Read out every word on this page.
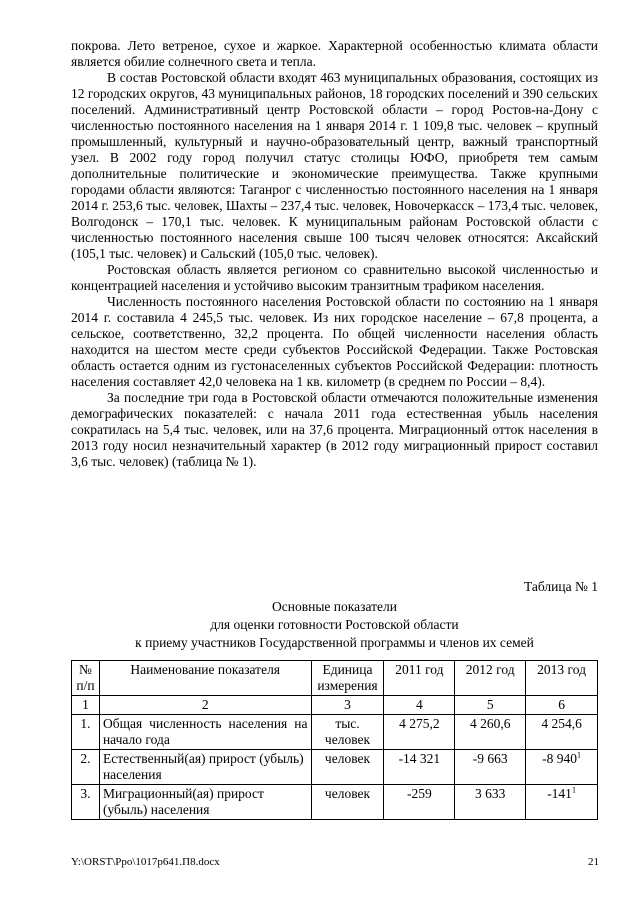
покрова. Лето ветреное, сухое и жаркое. Характерной особенностью климата области является обилие солнечного света и тепла.

В состав Ростовской области входят 463 муниципальных образования, состоящих из 12 городских округов, 43 муниципальных районов, 18 городских поселений и 390 сельских поселений. Административный центр Ростовской области – город Ростов-на-Дону с численностью постоянного населения на 1 января 2014 г. 1 109,8 тыс. человек – крупный промышленный, культурный и научно-образовательный центр, важный транспортный узел. В 2002 году город получил статус столицы ЮФО, приобретя тем самым дополнительные политические и экономические преимущества. Также крупными городами области являются: Таганрог с численностью постоянного населения на 1 января 2014 г. 253,6 тыс. человек, Шахты – 237,4 тыс. человек, Новочеркасск – 173,4 тыс. человек, Волгодонск – 170,1 тыс. человек. К муниципальным районам Ростовской области с численностью постоянного населения свыше 100 тысяч человек относятся: Аксайский (105,1 тыс. человек) и Сальский (105,0 тыс. человек).

Ростовская область является регионом со сравнительно высокой численностью и концентрацией населения и устойчиво высоким транзитным трафиком населения.

Численность постоянного населения Ростовской области по состоянию на 1 января 2014 г. составила 4 245,5 тыс. человек. Из них городское население – 67,8 процента, а сельское, соответственно, 32,2 процента. По общей численности населения область находится на шестом месте среди субъектов Российской Федерации. Также Ростовская область остается одним из густонаселенных субъектов Российской Федерации: плотность населения составляет 42,0 человека на 1 кв. километр (в среднем по России – 8,4).

За последние три года в Ростовской области отмечаются положительные изменения демографических показателей: с начала 2011 года естественная убыль населения сократилась на 5,4 тыс. человек, или на 37,6 процента. Миграционный отток населения в 2013 году носил незначительный характер (в 2012 году миграционный прирост составил 3,6 тыс. человек) (таблица № 1).

Таблица № 1
Основные показатели
для оценки готовности Ростовской области
к приему участников Государственной программы и членов их семей
№ п/п	Наименование показателя	Единица измерения	2011 год	2012 год	2013 год
1	2	3	4	5	6
1.	Общая численность населения на начало года	тыс. человек	4 275,2	4 260,6	4 254,6
2.	Естественный(ая) прирост (убыль) населения	человек	-14 321	-9 663	-8 $940^1$
3.	Миграционный(ая) прирост (убыль) населения	человек	-259	3 633	$-141^1$
Y:\ORST\Ppo\1017p641.П8.docx	21
